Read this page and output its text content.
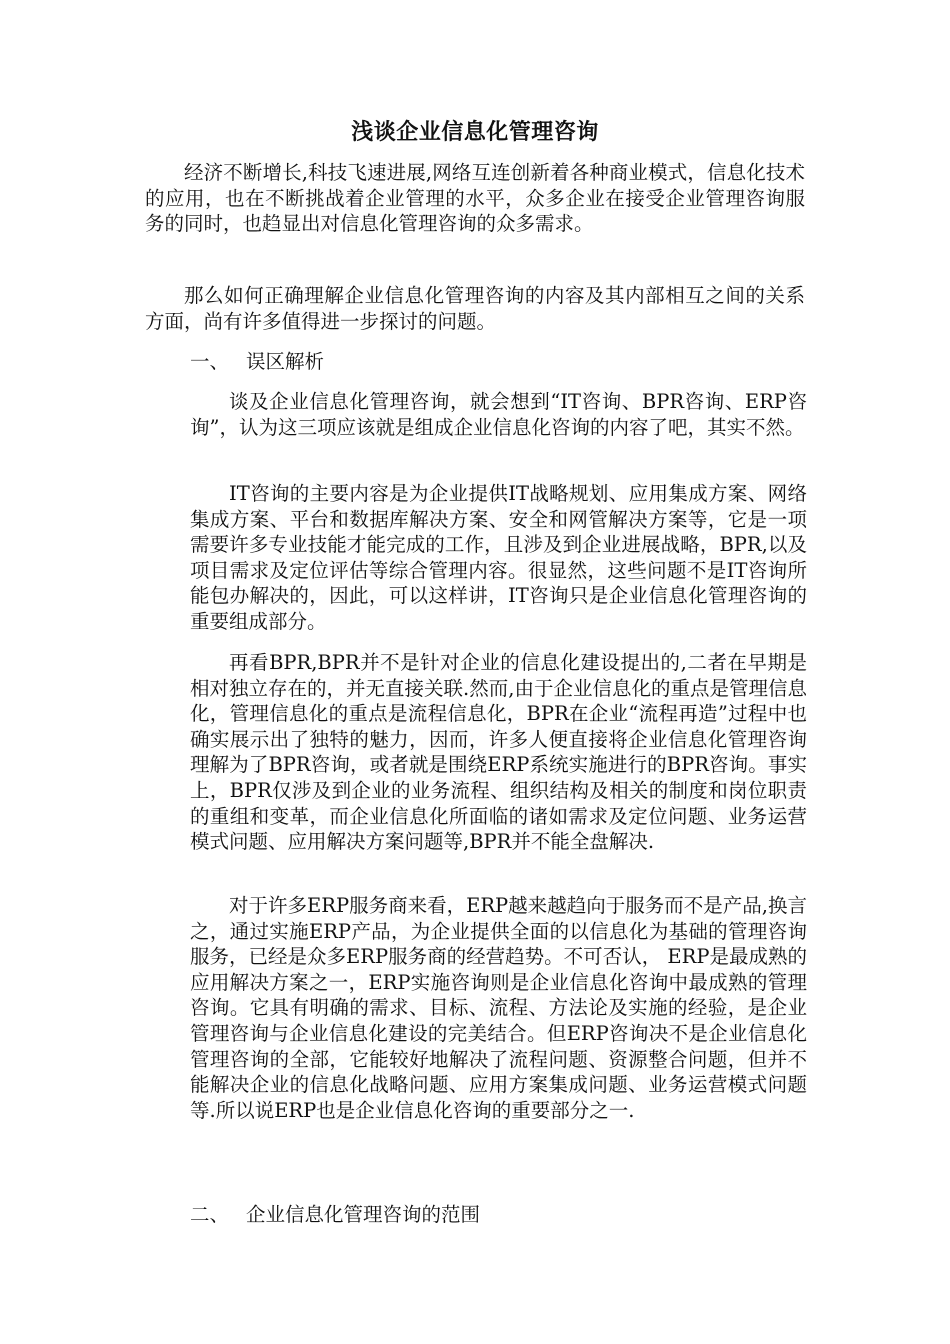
浅谈企业信息化管理咨询

经济不断增长,科技飞速进展,网络互连创新着各种商业模式，信息化技术的应用，也在不断挑战着企业管理的水平，众多企业在接受企业管理咨询服务的同时，也趋显出对信息化管理咨询的众多需求。

那么如何正确理解企业信息化管理咨询的内容及其内部相互之间的关系方面，尚有许多值得进一步探讨的问题。

一、 误区解析

谈及企业信息化管理咨询，就会想到“IT咨询、BPR咨询、ERP咨询”，认为这三项应该就是组成企业信息化咨询的内容了吧，其实不然。

IT咨询的主要内容是为企业提供IT战略规划、应用集成方案、网络集成方案、平台和数据库解决方案、安全和网管解决方案等，它是一项需要许多专业技能才能完成的工作，且涉及到企业进展战略，BPR,以及项目需求及定位评估等综合管理内容。很显然，这些问题不是IT咨询所能包办解决的，因此，可以这样讲，IT咨询只是企业信息化管理咨询的重要组成部分。

再看BPR,BPR并不是针对企业的信息化建设提出的,二者在早期是相对独立存在的，并无直接关联.然而,由于企业信息化的重点是管理信息化，管理信息化的重点是流程信息化，BPR在企业“流程再造”过程中也确实展示出了独特的魅力，因而，许多人便直接将企业信息化管理咨询理解为了BPR咨询，或者就是围绕ERP系统实施进行的BPR咨询。事实上，BPR仅涉及到企业的业务流程、组织结构及相关的制度和岗位职责的重组和变革，而企业信息化所面临的诸如需求及定位问题、业务运营模式问题、应用解决方案问题等,BPR并不能全盘解决.

对于许多ERP服务商来看，ERP越来越趋向于服务而不是产品,换言之，通过实施ERP产品，为企业提供全面的以信息化为基础的管理咨询服务，已经是众多ERP服务商的经营趋势。不可否认， ERP是最成熟的应用解决方案之一，ERP实施咨询则是企业信息化咨询中最成熟的管理咨询。它具有明确的需求、目标、流程、方法论及实施的经验，是企业管理咨询与企业信息化建设的完美结合。但ERP咨询决不是企业信息化管理咨询的全部，它能较好地解决了流程问题、资源整合问题，但并不能解决企业的信息化战略问题、应用方案集成问题、业务运营模式问题等.所以说ERP也是企业信息化咨询的重要部分之一.

二、 企业信息化管理咨询的范围
